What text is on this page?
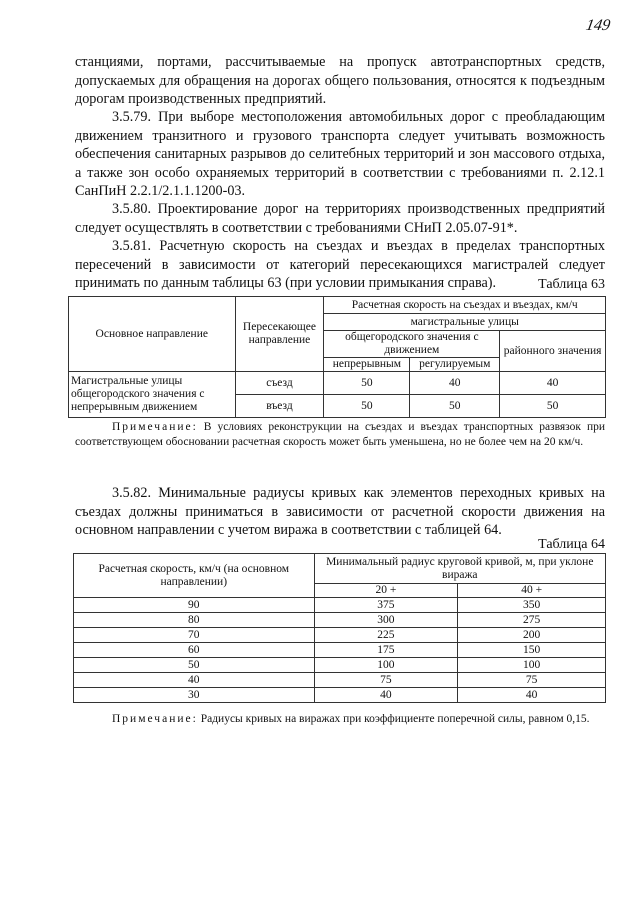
149
станциями, портами, рассчитываемые на пропуск автотранспортных средств, допускаемых для обращения на дорогах общего пользования, относятся к подъездным дорогам производственных предприятий.
3.5.79. При выборе местоположения автомобильных дорог с преобладающим движением транзитного и грузового транспорта следует учитывать возможность обеспечения санитарных разрывов до селитебных территорий и зон массового отдыха, а также зон особо охраняемых территорий в соответствии с требованиями п. 2.12.1 СанПиН 2.2.1/2.1.1.1200-03.
3.5.80. Проектирование дорог на территориях производственных предприятий следует осуществлять в соответствии с требованиями СНиП 2.05.07-91*.
3.5.81. Расчетную скорость на съездах и въездах в пределах транспортных пересечений в зависимости от категорий пересекающихся магистралей следует принимать по данным таблицы 63 (при условии примыкания справа).	Таблица 63
Основное направление	Пересекающее направление	Расчетная скорость на съездах и въездах, км/ч		
		магистральные улицы		
		общегородского значения с движением		районного значения
		непрерывным	регулируемым	
Магистральные улицы общегородского значения с непрерывным движением	съезд	50	40	40
	въезд	50	50	50
Примечание: В условиях реконструкции на съездах и въездах транспортных развязок при соответствующем обосновании расчетная скорость может быть уменьшена, но не более чем на 20 км/ч.
3.5.82. Минимальные радиусы кривых как элементов переходных кривых на съездах должны приниматься в зависимости от расчетной скорости движения на основном направлении с учетом виража в соответствии с таблицей 64.
Таблица 64
Расчетная скорость, км/ч (на основном направлении)	Минимальный радиус круговой кривой, м, при уклоне виража	
	20 +	40 +
90	375	350
80	300	275
70	225	200
60	175	150
50	100	100
40	75	75
30	40	40
Примечание: Радиусы кривых на виражах при коэффициенте поперечной силы, равном 0,15.
